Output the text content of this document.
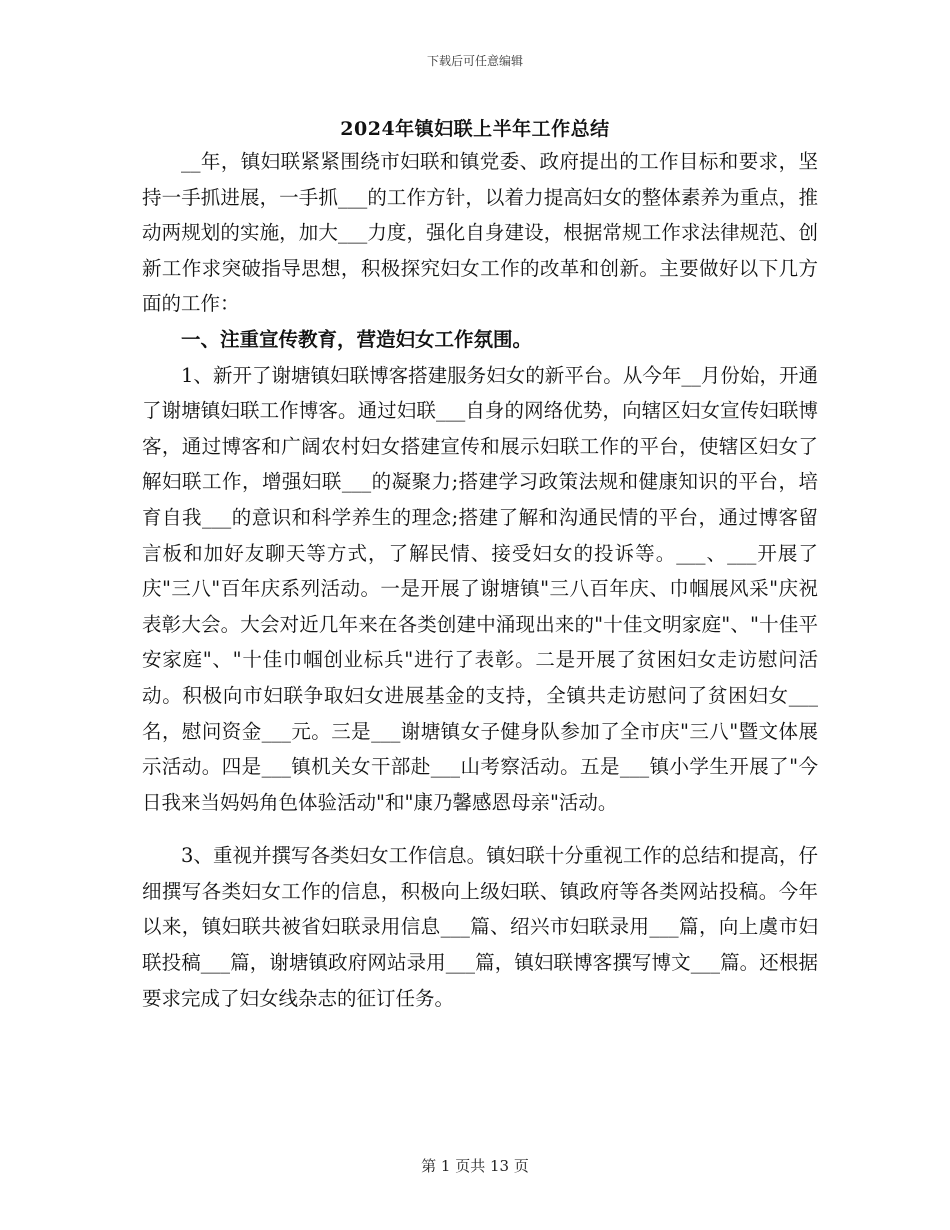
下载后可任意编辑
2024年镇妇联上半年工作总结

__年，镇妇联紧紧围绕市妇联和镇党委、政府提出的工作目标和要求，坚持一手抓进展，一手抓___的工作方针，以着力提高妇女的整体素养为重点，推动两规划的实施，加大___力度，强化自身建设，根据常规工作求法律规范、创新工作求突破指导思想，积极探究妇女工作的改革和创新。主要做好以下几方面的工作：

一、注重宣传教育，营造妇女工作氛围。

1、新开了谢塘镇妇联博客搭建服务妇女的新平台。从今年__月份始，开通了谢塘镇妇联工作博客。通过妇联___自身的网络优势，向辖区妇女宣传妇联博客，通过博客和广阔农村妇女搭建宣传和展示妇联工作的平台，使辖区妇女了解妇联工作，增强妇联___的凝聚力;搭建学习政策法规和健康知识的平台，培育自我___的意识和科学养生的理念;搭建了解和沟通民情的平台，通过博客留言板和加好友聊天等方式，了解民情、接受妇女的投诉等。___、___开展了庆"三八"百年庆系列活动。一是开展了谢塘镇"三八百年庆、巾帼展风采"庆祝表彰大会。大会对近几年来在各类创建中涌现出来的"十佳文明家庭"、"十佳平安家庭"、"十佳巾帼创业标兵"进行了表彰。二是开展了贫困妇女走访慰问活动。积极向市妇联争取妇女进展基金的支持，全镇共走访慰问了贫困妇女___名，慰问资金___元。三是___谢塘镇女子健身队参加了全市庆"三八"暨文体展示活动。四是___镇机关女干部赴___山考察活动。五是___镇小学生开展了"今日我来当妈妈角色体验活动"和"康乃馨感恩母亲"活动。

3、重视并撰写各类妇女工作信息。镇妇联十分重视工作的总结和提高，仔细撰写各类妇女工作的信息，积极向上级妇联、镇政府等各类网站投稿。今年以来，镇妇联共被省妇联录用信息___篇、绍兴市妇联录用___篇，向上虞市妇联投稿___篇，谢塘镇政府网站录用___篇，镇妇联博客撰写博文___篇。还根据要求完成了妇女线杂志的征订任务。

第 1 页共 13 页
